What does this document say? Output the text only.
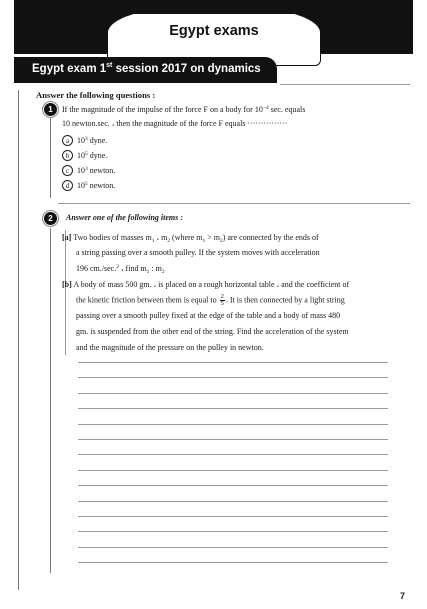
Egypt exams
Egypt exam 1st session 2017 on dynamics
Answer the following questions :
1	If the magnitude of the impulse of the force F on a body for $10^{-4}$ sec. equals
10 newton.sec. ، then the magnitude of the force F equals ···············
a $10^3$ dyne.
b $10^5$ dyne.
c $10^3$ newton.
d $10^5$ newton.
2	Answer one of the following items :
[a] Two bodies of masses $m_1$ ، $m_2$ (where $m_1 > m_2$) are connected by the ends of
a string passing over a smooth pulley. If the system moves with acceleration
196 cm./sec.$^2$ ، find $m_1$ : $m_2$
[b] A body of mass 500 gm. ، is placed on a rough horizontal table ، and the coefficient of
the kinetic friction between them is equal to $\frac{2}{5}$ . It is then connected by a light string
passing over a smooth pulley fixed at the edge of the table and a body of mass 480
gm. is suspended from the other end of the string. Find the acceleration of the system
and the magnitude of the pressure on the pulley in newton.
7
